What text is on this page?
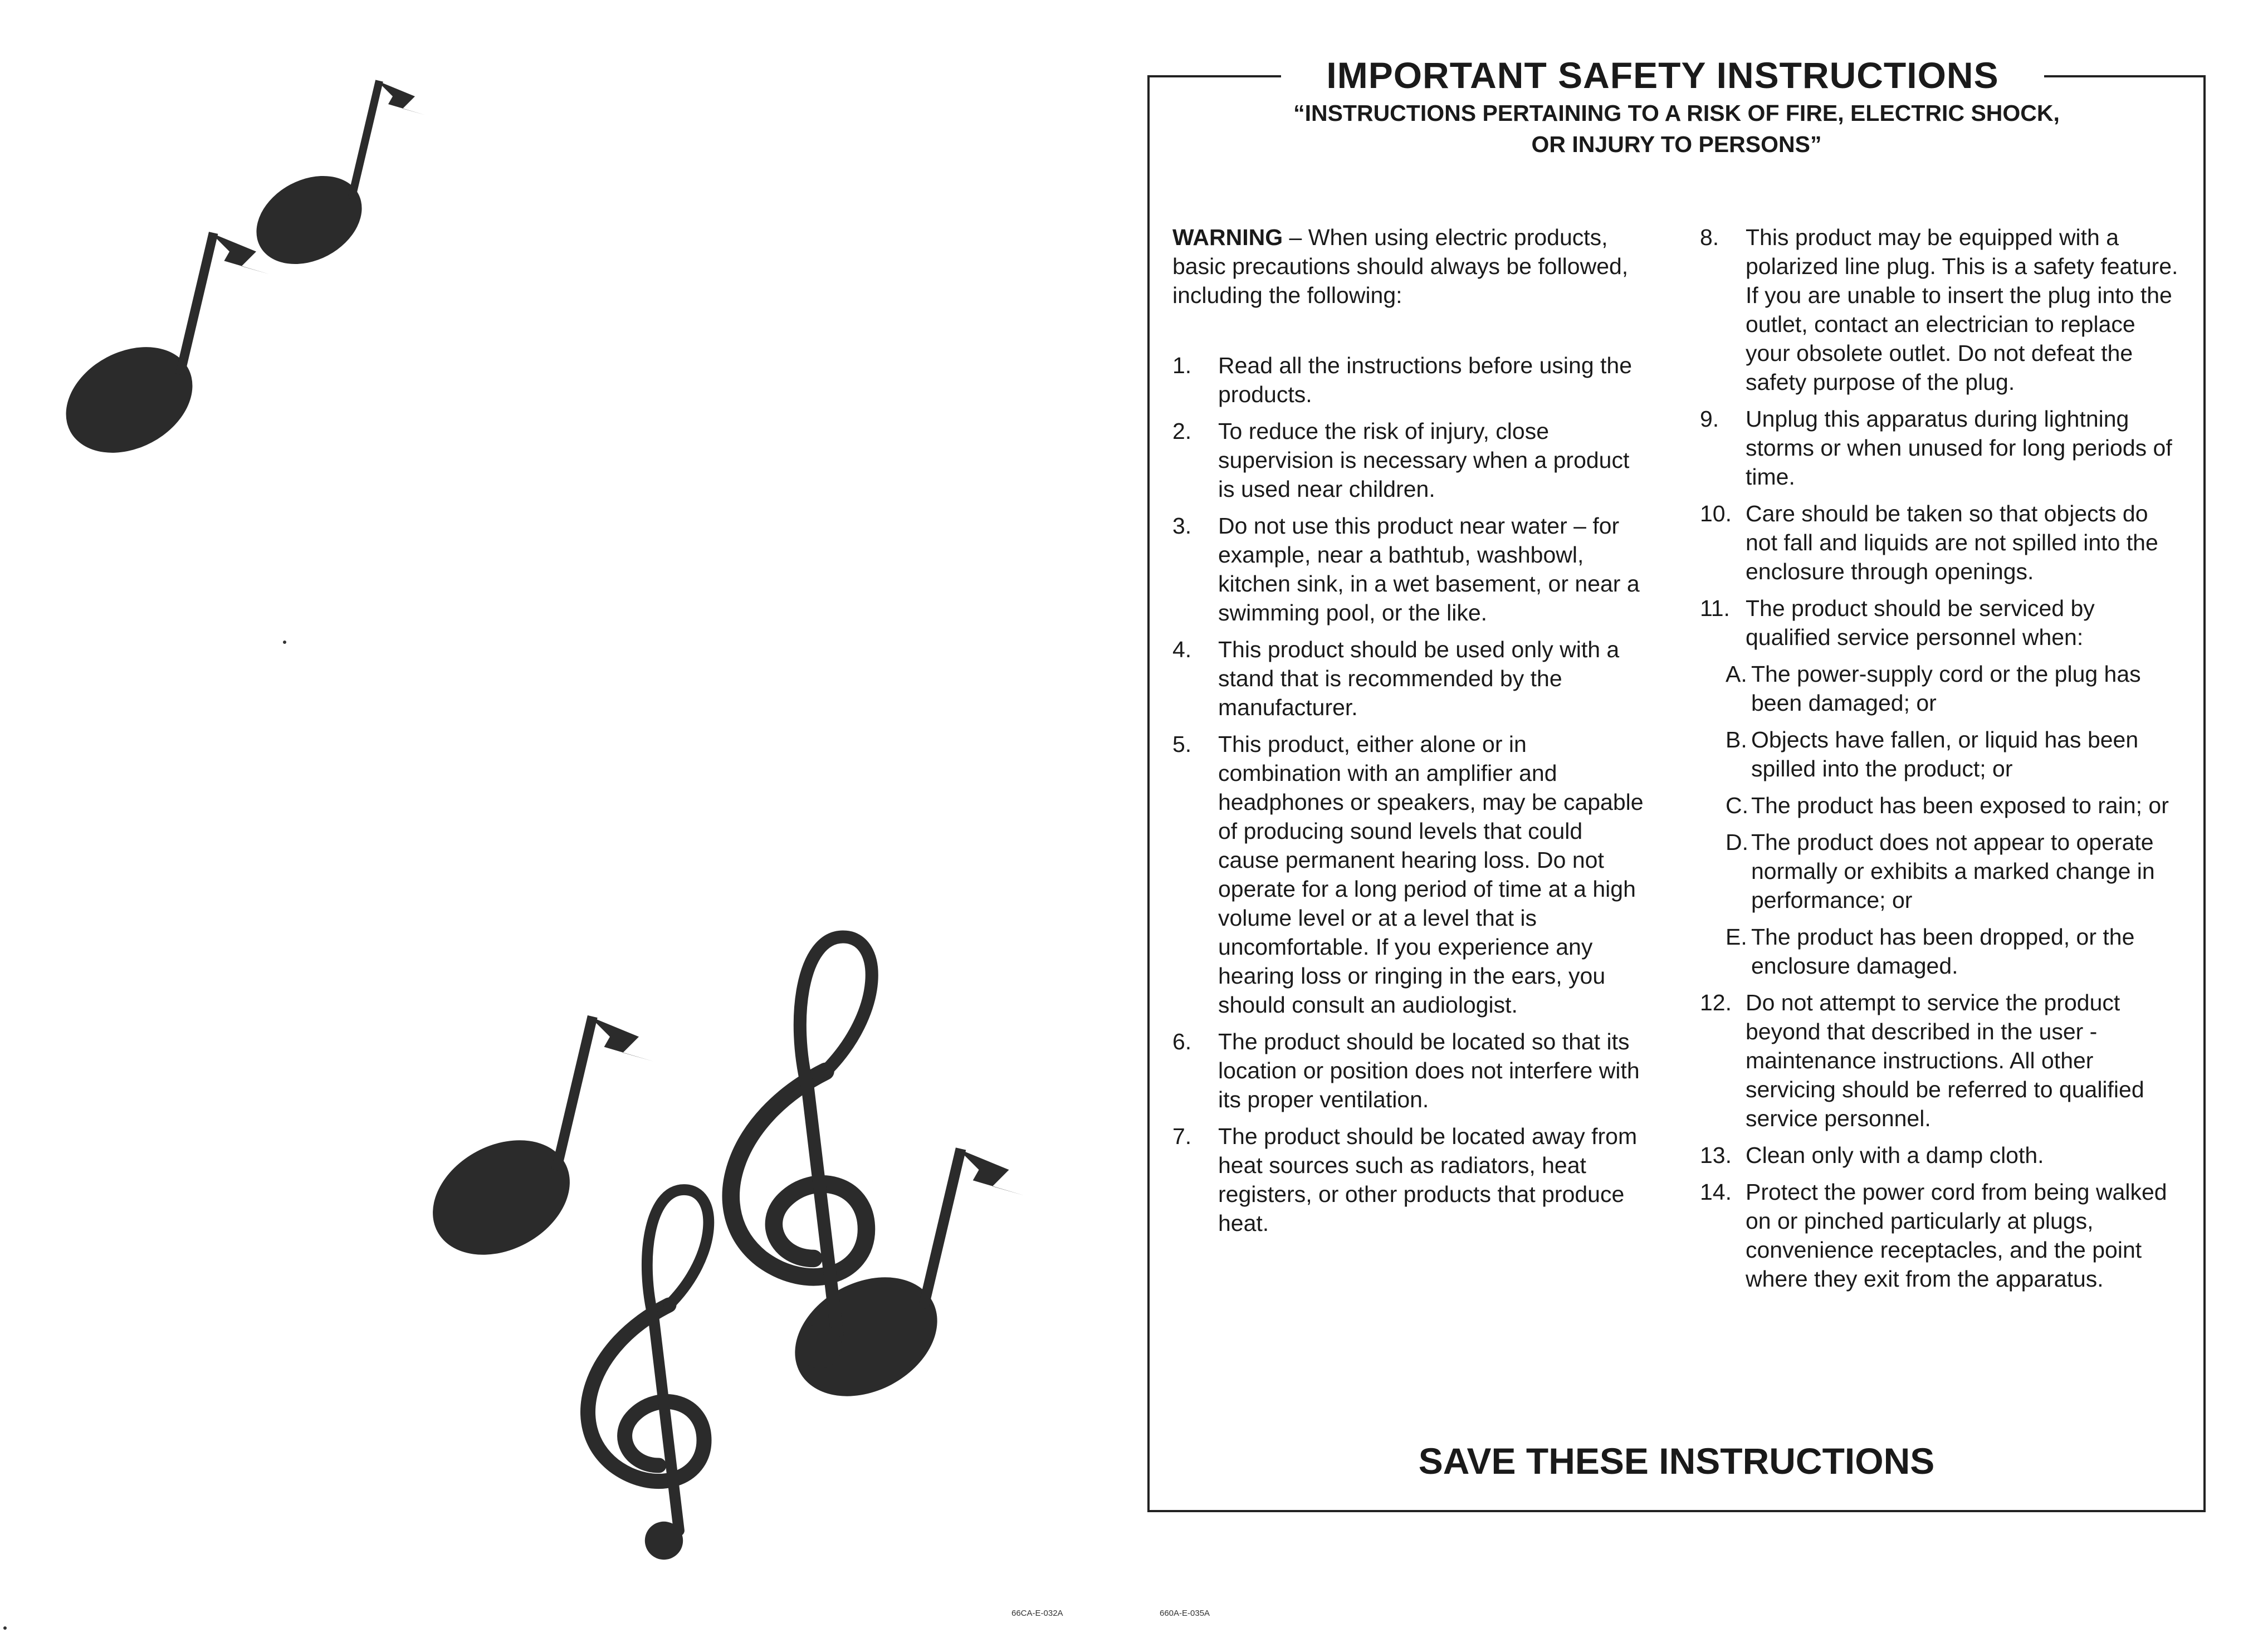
IMPORTANT SAFETY INSTRUCTIONS
“INSTRUCTIONS PERTAINING TO A RISK OF FIRE, ELECTRIC SHOCK,
OR INJURY TO PERSONS”

WARNING – When using electric products, basic precautions should always be followed, including the following:

1.	Read all the instructions before using the products.
2.	To reduce the risk of injury, close supervision is necessary when a product is used near children.
3.	Do not use this product near water – for example, near a bathtub, washbowl, kitchen sink, in a wet basement, or near a swimming pool, or the like.
4.	This product should be used only with a stand that is recommended by the manufacturer.
5.	This product, either alone or in combination with an amplifier and headphones or speakers, may be capable of producing sound levels that could cause permanent hearing loss. Do not operate for a long period of time at a high volume level or at a level that is uncomfortable. If you experience any hearing loss or ringing in the ears, you should consult an audiologist.
6.	The product should be located so that its location or position does not interfere with its proper ventilation.
7.	The product should be located away from heat sources such as radiators, heat registers, or other products that produce heat.
8.	This product may be equipped with a polarized line plug. This is a safety feature. If you are unable to insert the plug into the outlet, contact an electrician to replace your obsolete outlet. Do not defeat the safety purpose of the plug.
9.	Unplug this apparatus during lightning storms or when unused for long periods of time.
10. Care should be taken so that objects do not fall and liquids are not spilled into the enclosure through openings.
11. The product should be serviced by qualified service personnel when:
A. The power-supply cord or the plug has been damaged; or
B. Objects have fallen, or liquid has been spilled into the product; or
C. The product has been exposed to rain; or
D. The product does not appear to operate normally or exhibits a marked change in performance; or
E. The product has been dropped, or the enclosure damaged.
12. Do not attempt to service the product beyond that described in the user - maintenance instructions. All other servicing should be referred to qualified service personnel.
13. Clean only with a damp cloth.
14. Protect the power cord from being walked on or pinched particularly at plugs, convenience receptacles, and the point where they exit from the apparatus.
SAVE THESE INSTRUCTIONS
66CA-E-032A	660A-E-035A
